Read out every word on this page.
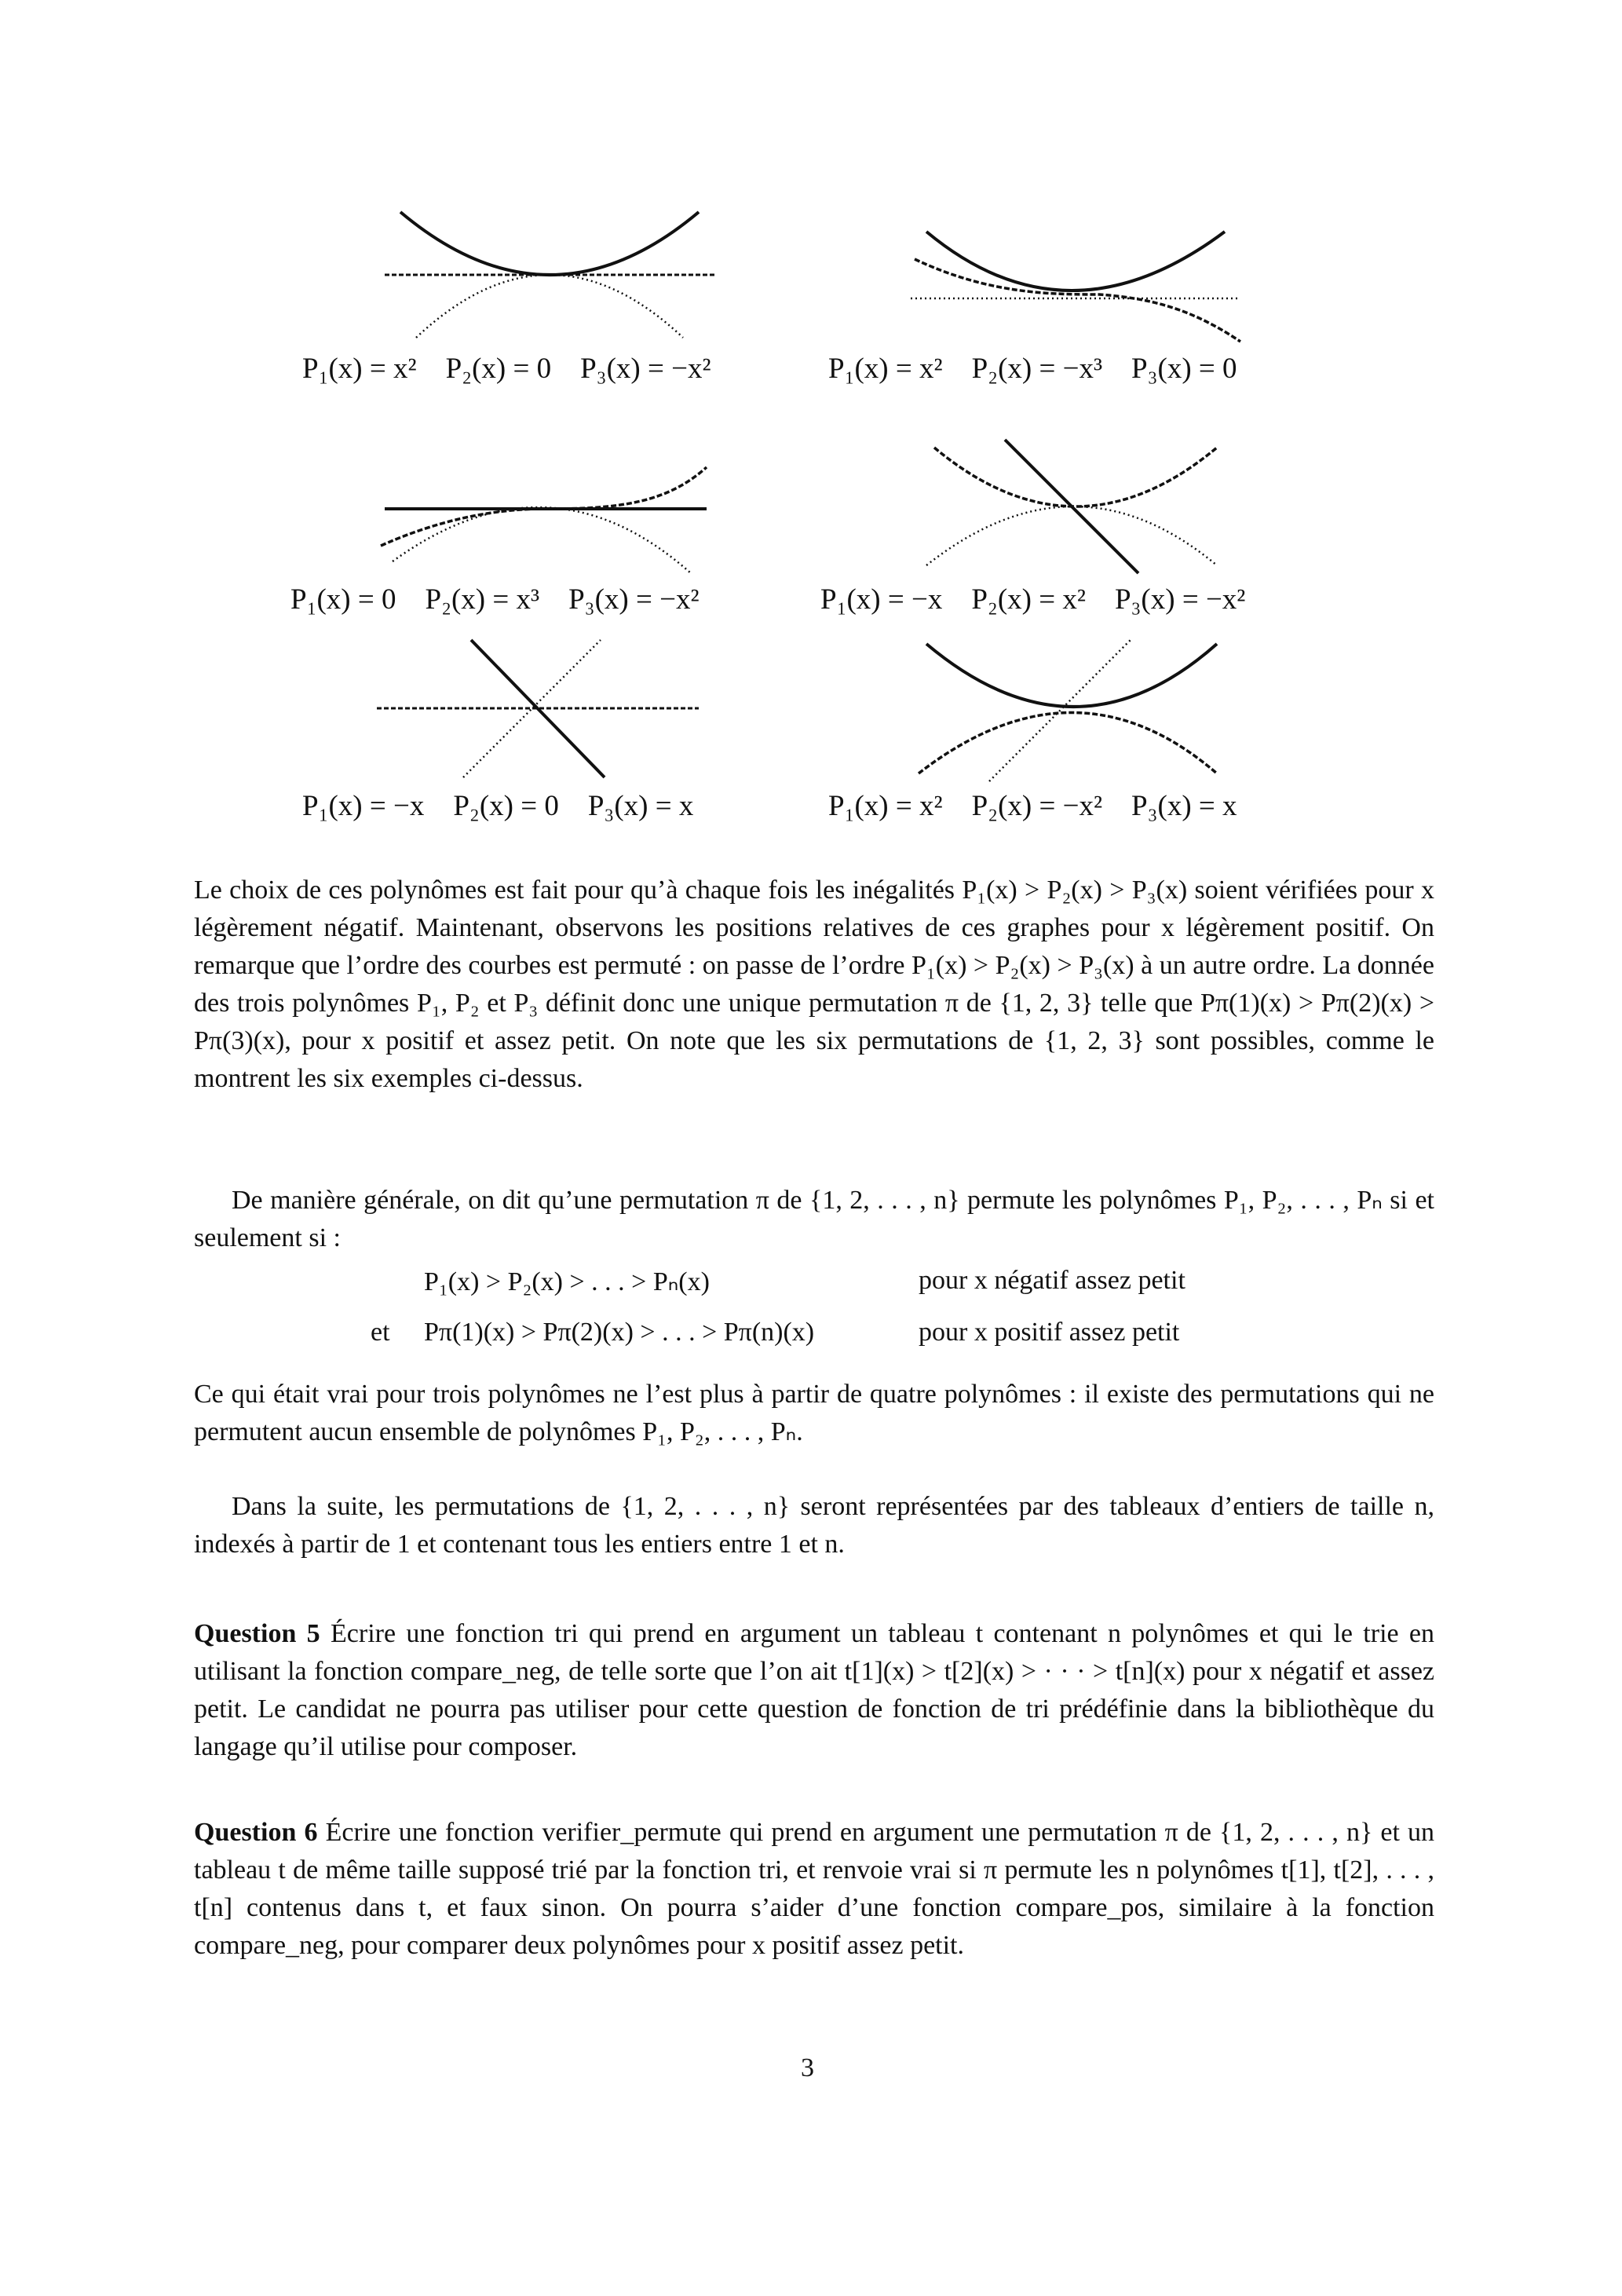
P₁(x) = x² P₂(x) = 0 P₃(x) = −x²	P₁(x) = x² P₂(x) = −x³ P₃(x) = 0
P₁(x) = 0 P₂(x) = x³ P₃(x) = −x²	P₁(x) = −x P₂(x) = x² P₃(x) = −x²
P₁(x) = −x P₂(x) = 0 P₃(x) = x	P₁(x) = x² P₂(x) = −x² P₃(x) = x
Le choix de ces polynômes est fait pour qu’à chaque fois les inégalités P₁(x) > P₂(x) > P₃(x) soient vérifiées pour x légèrement négatif. Maintenant, observons les positions relatives de ces graphes pour x légèrement positif. On remarque que l’ordre des courbes est permuté : on passe de l’ordre P₁(x) > P₂(x) > P₃(x) à un autre ordre. La donnée des trois polynômes P₁, P₂ et P₃ définit donc une unique permutation π de {1, 2, 3} telle que Pπ(1)(x) > Pπ(2)(x) > Pπ(3)(x), pour x positif et assez petit. On note que les six permutations de {1, 2, 3} sont possibles, comme le montrent les six exemples ci-dessus.
De manière générale, on dit qu’une permutation π de {1, 2, . . . , n} permute les polynômes P₁, P₂, . . . , Pₙ si et seulement si :
P₁(x) > P₂(x) > . . . > Pₙ(x)	pour x négatif assez petit
et Pπ(1)(x) > Pπ(2)(x) > . . . > Pπ(n)(x)	pour x positif assez petit
Ce qui était vrai pour trois polynômes ne l’est plus à partir de quatre polynômes : il existe des permutations qui ne permutent aucun ensemble de polynômes P₁, P₂, . . . , Pₙ.
Dans la suite, les permutations de {1, 2, . . . , n} seront représentées par des tableaux d’entiers de taille n, indexés à partir de 1 et contenant tous les entiers entre 1 et n.
Question 5 Écrire une fonction tri qui prend en argument un tableau t contenant n polynômes et qui le trie en utilisant la fonction compare_neg, de telle sorte que l’on ait t[1](x) > t[2](x) > · · · > t[n](x) pour x négatif et assez petit. Le candidat ne pourra pas utiliser pour cette question de fonction de tri prédéfinie dans la bibliothèque du langage qu’il utilise pour composer.
Question 6 Écrire une fonction verifier_permute qui prend en argument une permutation π de {1, 2, . . . , n} et un tableau t de même taille supposé trié par la fonction tri, et renvoie vrai si π permute les n polynômes t[1], t[2], . . . , t[n] contenus dans t, et faux sinon. On pourra s’aider d’une fonction compare_pos, similaire à la fonction compare_neg, pour comparer deux polynômes pour x positif assez petit.
3
